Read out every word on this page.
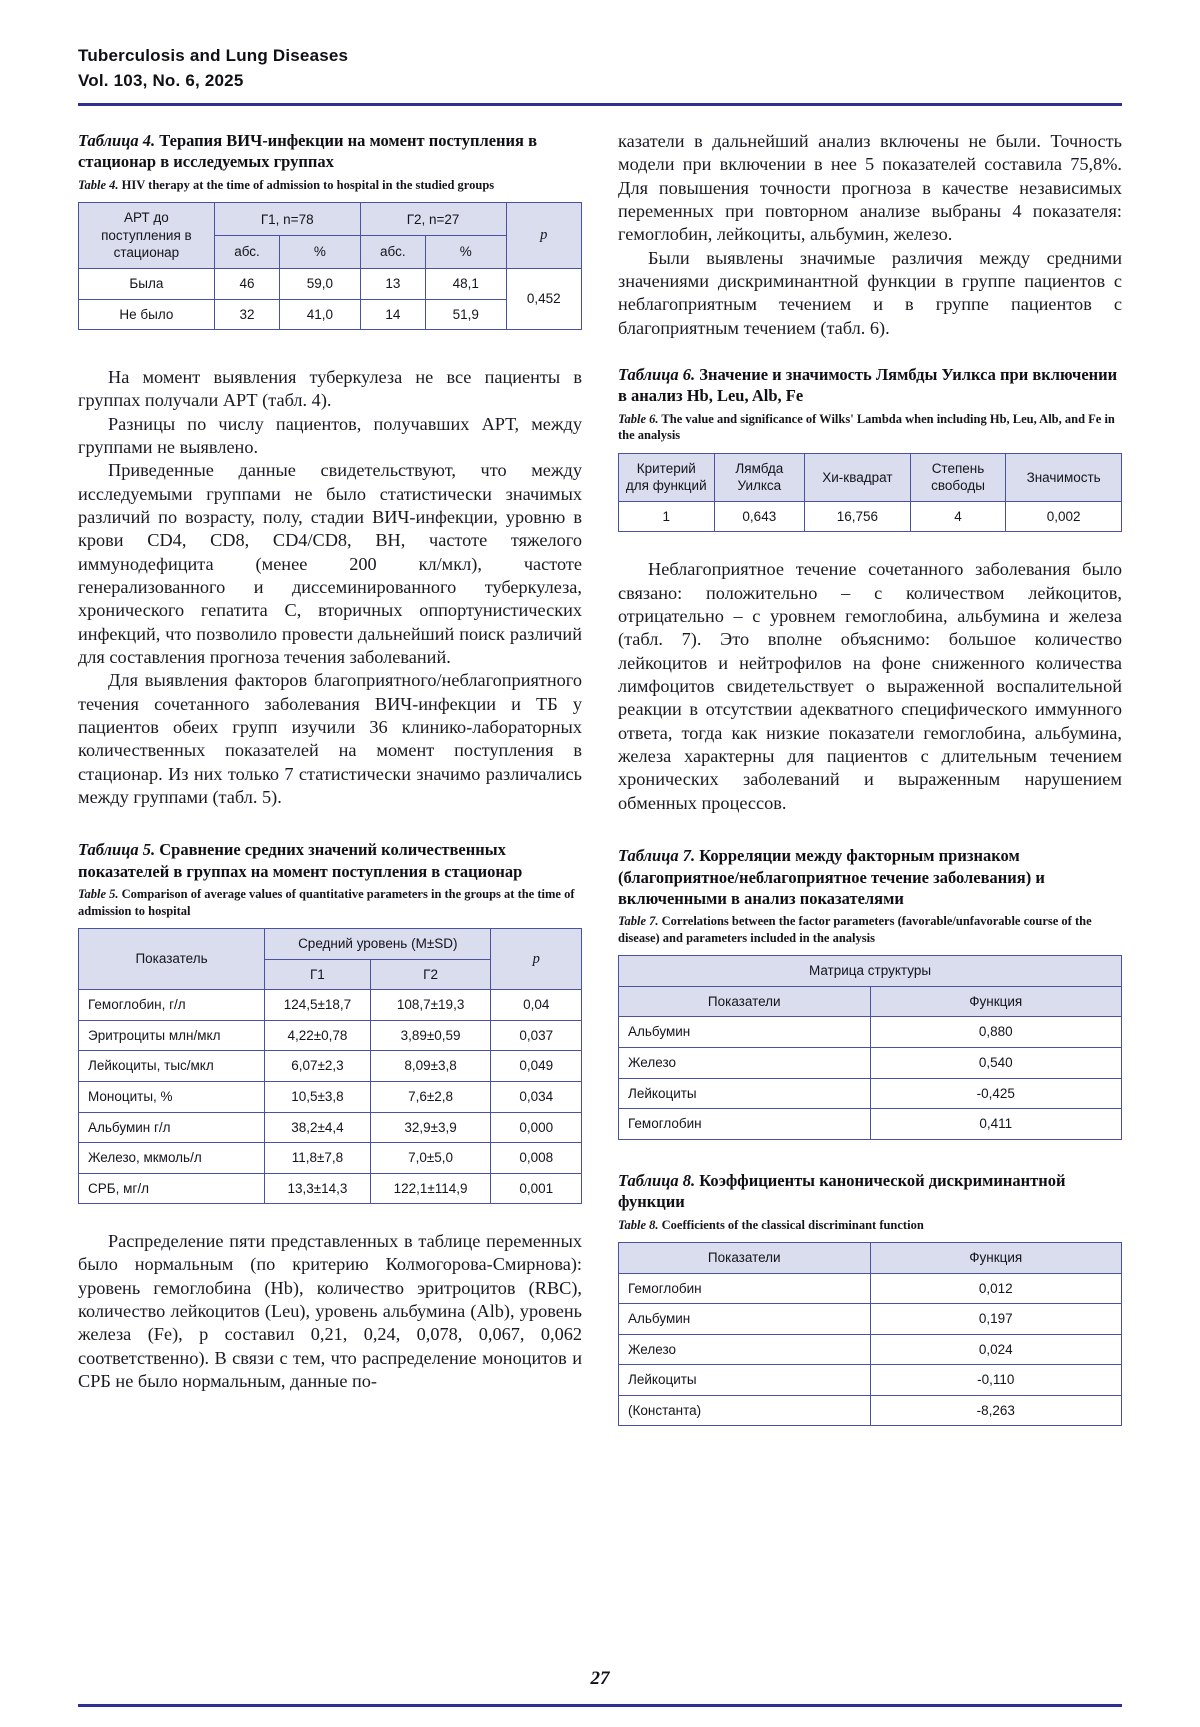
Tuberculosis and Lung Diseases
Vol. 103, No. 6, 2025

Таблица 4. Терапия ВИЧ-инфекции на момент поступления в стационар в исследуемых группах

Table 4. HIV therapy at the time of admission to hospital in the studied groups

АРТ до поступления в стационар	Г1, n=78		Г2, n=27		p
	абс.	%	абс.	%	
Была	46	59,0	13	48,1	0,452
Не было	32	41,0	14	51,9	

На момент выявления туберкулеза не все пациенты в группах получали АРТ (табл. 4).

Разницы по числу пациентов, получавших АРТ, между группами не выявлено.

Приведенные данные свидетельствуют, что между исследуемыми группами не было статистически значимых различий по возрасту, полу, стадии ВИЧ-инфекции, уровню в крови CD4, CD8, CD4/CD8, ВН, частоте тяжелого иммунодефицита (менее 200 кл/мкл), частоте генерализованного и диссеминированного туберкулеза, хронического гепатита C, вторичных оппортунистических инфекций, что позволило провести дальнейший поиск различий для составления прогноза течения заболеваний.

Для выявления факторов благоприятного/неблагоприятного течения сочетанного заболевания ВИЧ-инфекции и ТБ у пациентов обеих групп изучили 36 клинико-лабораторных количественных показателей на момент поступления в стационар. Из них только 7 статистически значимо различались между группами (табл. 5).

Таблица 5. Сравнение средних значений количественных показателей в группах на момент поступления в стационар

Table 5. Comparison of average values of quantitative parameters in the groups at the time of admission to hospital

Показатель	Средний уровень (M±SD)		p
	Г1	Г2	
Гемоглобин, г/л	124,5±18,7	108,7±19,3	0,04
Эритроциты млн/мкл	4,22±0,78	3,89±0,59	0,037
Лейкоциты, тыс/мкл	6,07±2,3	8,09±3,8	0,049
Моноциты, %	10,5±3,8	7,6±2,8	0,034
Альбумин г/л	38,2±4,4	32,9±3,9	0,000
Железо, мкмоль/л	11,8±7,8	7,0±5,0	0,008
СРБ, мг/л	13,3±14,3	122,1±114,9	0,001

Распределение пяти представленных в таблице переменных было нормальным (по критерию Колмогорова-Смирнова): уровень гемоглобина (Hb), количество эритроцитов (RBC), количество лейкоцитов (Leu), уровень альбумина (Alb), уровень железа (Fe), p составил 0,21, 0,24, 0,078, 0,067, 0,062 соответственно). В связи с тем, что распределение моноцитов и СРБ не было нормальным, данные по-

казатели в дальнейший анализ включены не были. Точность модели при включении в нее 5 показателей составила 75,8%. Для повышения точности прогноза в качестве независимых переменных при повторном анализе выбраны 4 показателя: гемоглобин, лейкоциты, альбумин, железо.

Были выявлены значимые различия между средними значениями дискриминантной функции в группе пациентов с неблагоприятным течением и в группе пациентов с благоприятным течением (табл. 6).

Таблица 6. Значение и значимость Лямбды Уилкса при включении в анализ Hb, Leu, Alb, Fe

Table 6. The value and significance of Wilks' Lambda when including Hb, Leu, Alb, and Fe in the analysis

Критерий для функций	Лямбда Уилкса	Хи-квадрат	Степень свободы	Значимость
1	0,643	16,756	4	0,002

Неблагоприятное течение сочетанного заболевания было связано: положительно – с количеством лейкоцитов, отрицательно – с уровнем гемоглобина, альбумина и железа (табл. 7). Это вполне объяснимо: большое количество лейкоцитов и нейтрофилов на фоне сниженного количества лимфоцитов свидетельствует о выраженной воспалительной реакции в отсутствии адекватного специфического иммунного ответа, тогда как низкие показатели гемоглобина, альбумина, железа характерны для пациентов с длительным течением хронических заболеваний и выраженным нарушением обменных процессов.

Таблица 7. Корреляции между факторным признаком (благоприятное/неблагоприятное течение заболевания) и включенными в анализ показателями

Table 7. Correlations between the factor parameters (favorable/unfavorable course of the disease) and parameters included in the analysis

Матрица структуры	
Показатели	Функция
Альбумин	0,880
Железо	0,540
Лейкоциты	-0,425
Гемоглобин	0,411

Таблица 8. Коэффициенты канонической дискриминантной функции

Table 8. Coefficients of the classical discriminant function

Показатели	Функция
Гемоглобин	0,012
Альбумин	0,197
Железо	0,024
Лейкоциты	-0,110
(Константа)	-8,263
27
